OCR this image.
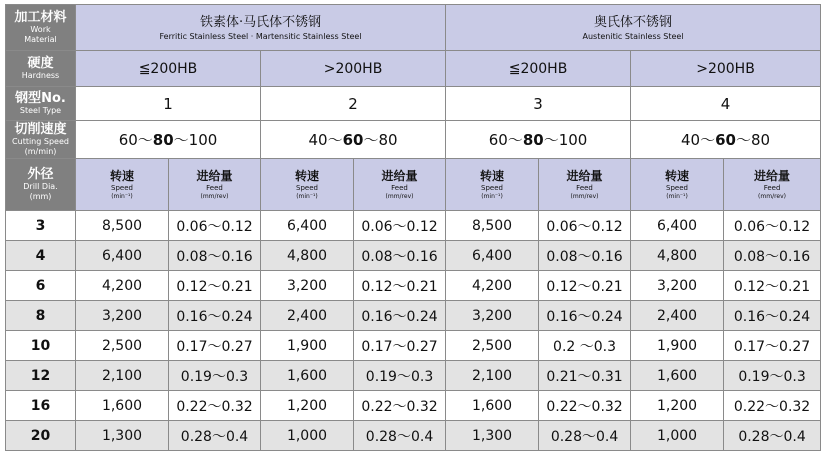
加工材料
Work
Material	铁素体·马氏体不锈钢
Ferritic Stainless Steel · Martensitic Stainless Steel				奥氏体不锈钢
Austenitic Stainless Steel			

硬度
Hardness	≦200HB		>200HB		≦200HB		>200HB	

钢型No.
Steel Type	1		2		3		4	

切削速度
Cutting Speed
(m/min)	60～80～100		40～60～80		60～80～100		40～60～80	

外径
Drill Dia.
(mm)	转速
Speed
(min⁻¹)	进给量
Feed
(mm/rev)	转速
Speed
(min⁻¹)	进给量
Feed
(mm/rev)	转速
Speed
(min⁻¹)	进给量
Feed
(mm/rev)	转速
Speed
(min⁻¹)	进给量
Feed
(mm/rev)

3	8,500	0.06～0.12	6,400	0.06～0.12	8,500	0.06～0.12	6,400	0.06～0.12
4	6,400	0.08～0.16	4,800	0.08～0.16	6,400	0.08～0.16	4,800	0.08～0.16
6	4,200	0.12～0.21	3,200	0.12～0.21	4,200	0.12～0.21	3,200	0.12～0.21
8	3,200	0.16～0.24	2,400	0.16～0.24	3,200	0.16～0.24	2,400	0.16～0.24
10	2,500	0.17～0.27	1,900	0.17～0.27	2,500	0.2 ～0.3	1,900	0.17～0.27
12	2,100	0.19～0.3	1,600	0.19～0.3	2,100	0.21～0.31	1,600	0.19～0.3
16	1,600	0.22～0.32	1,200	0.22～0.32	1,600	0.22～0.32	1,200	0.22～0.32
20	1,300	0.28～0.4	1,000	0.28～0.4	1,300	0.28～0.4	1,000	0.28～0.4
